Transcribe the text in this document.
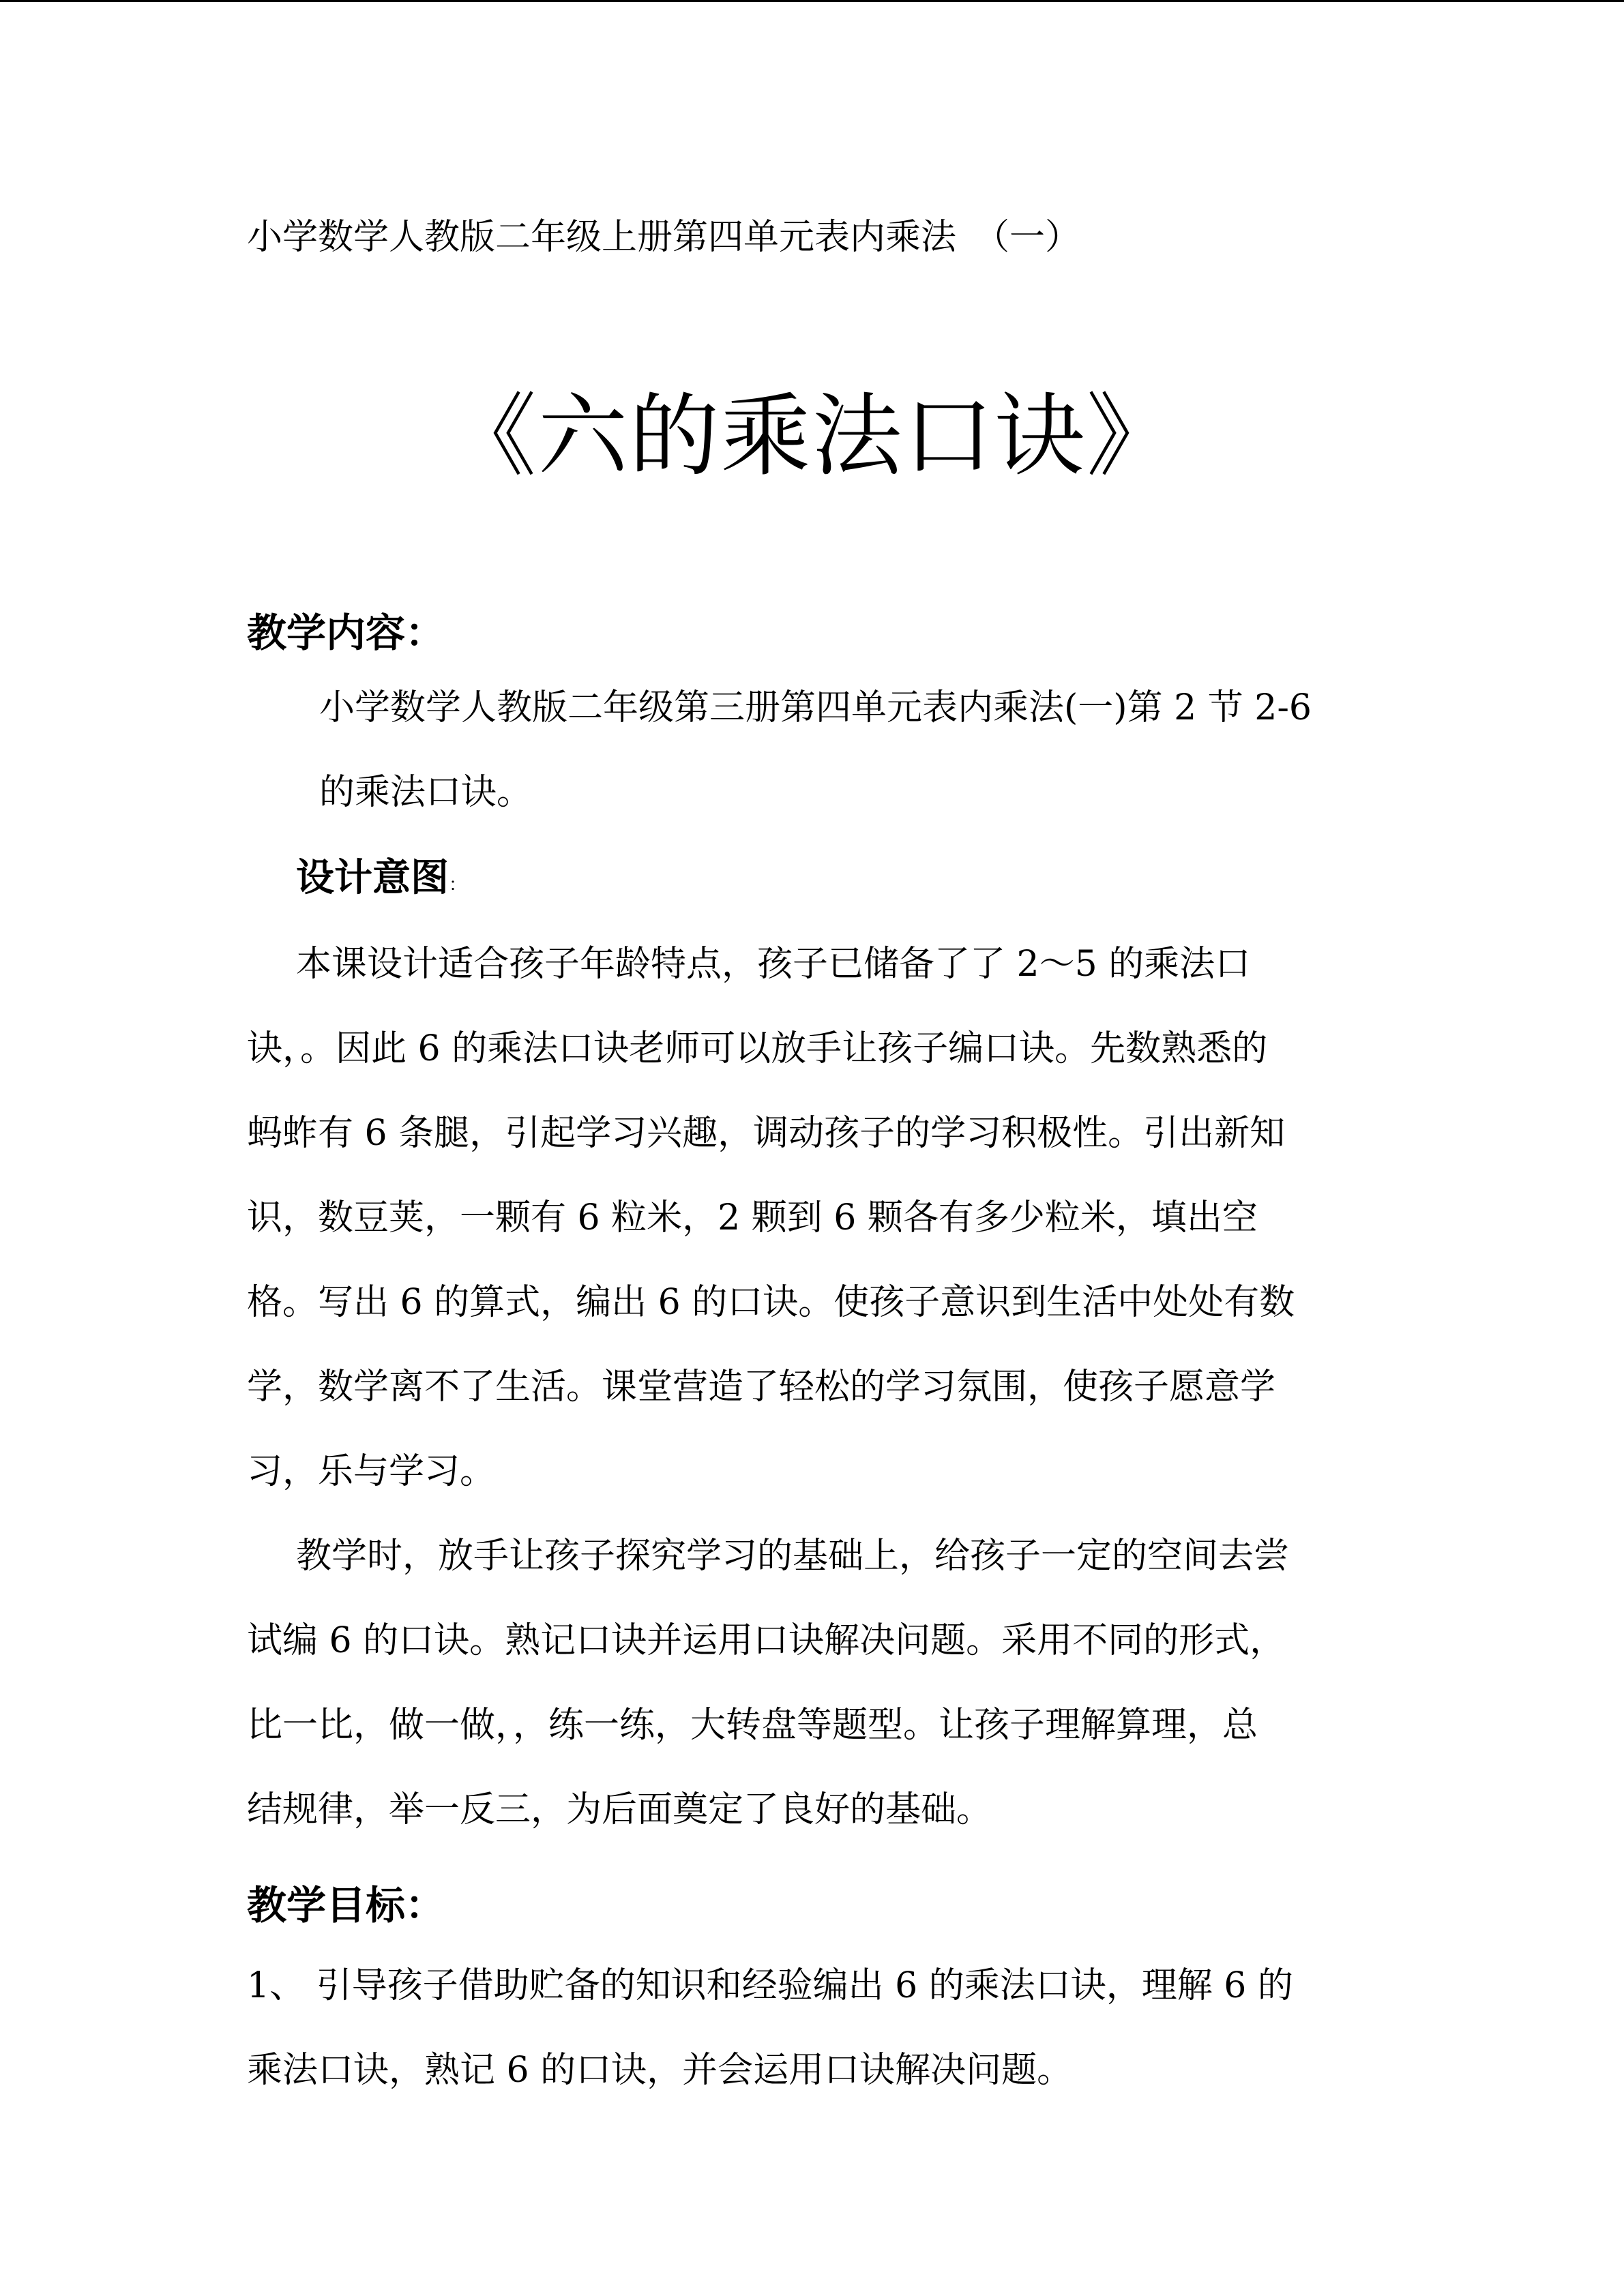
小学数学人教版二年级上册第四单元表内乘法　（一）

《六的乘法口诀》
教学内容：

小学数学人教版二年级第三册第四单元表内乘法(一)第 2 节 2-6

的乘法口诀。

设计意图：

本课设计适合孩子年龄特点，孩子已储备了了 2～5 的乘法口

诀，。因此 6 的乘法口诀老师可以放手让孩子编口诀。先数熟悉的

蚂蚱有 6 条腿，引起学习兴趣，调动孩子的学习积极性。引出新知

识，数豆荚，一颗有 6 粒米，2 颗到 6 颗各有多少粒米，填出空

格。写出 6 的算式，编出 6 的口诀。使孩子意识到生活中处处有数

学，数学离不了生活。课堂营造了轻松的学习氛围，使孩子愿意学

习，乐与学习。

教学时，放手让孩子探究学习的基础上，给孩子一定的空间去尝

试编 6 的口诀。熟记口诀并运用口诀解决问题。采用不同的形式，

比一比，做一做，，练一练，大转盘等题型。让孩子理解算理，总

结规律，举一反三，为后面奠定了良好的基础。

教学目标：

1、 引导孩子借助贮备的知识和经验编出 6 的乘法口诀，理解 6 的

乘法口诀，熟记 6 的口诀，并会运用口诀解决问题。
